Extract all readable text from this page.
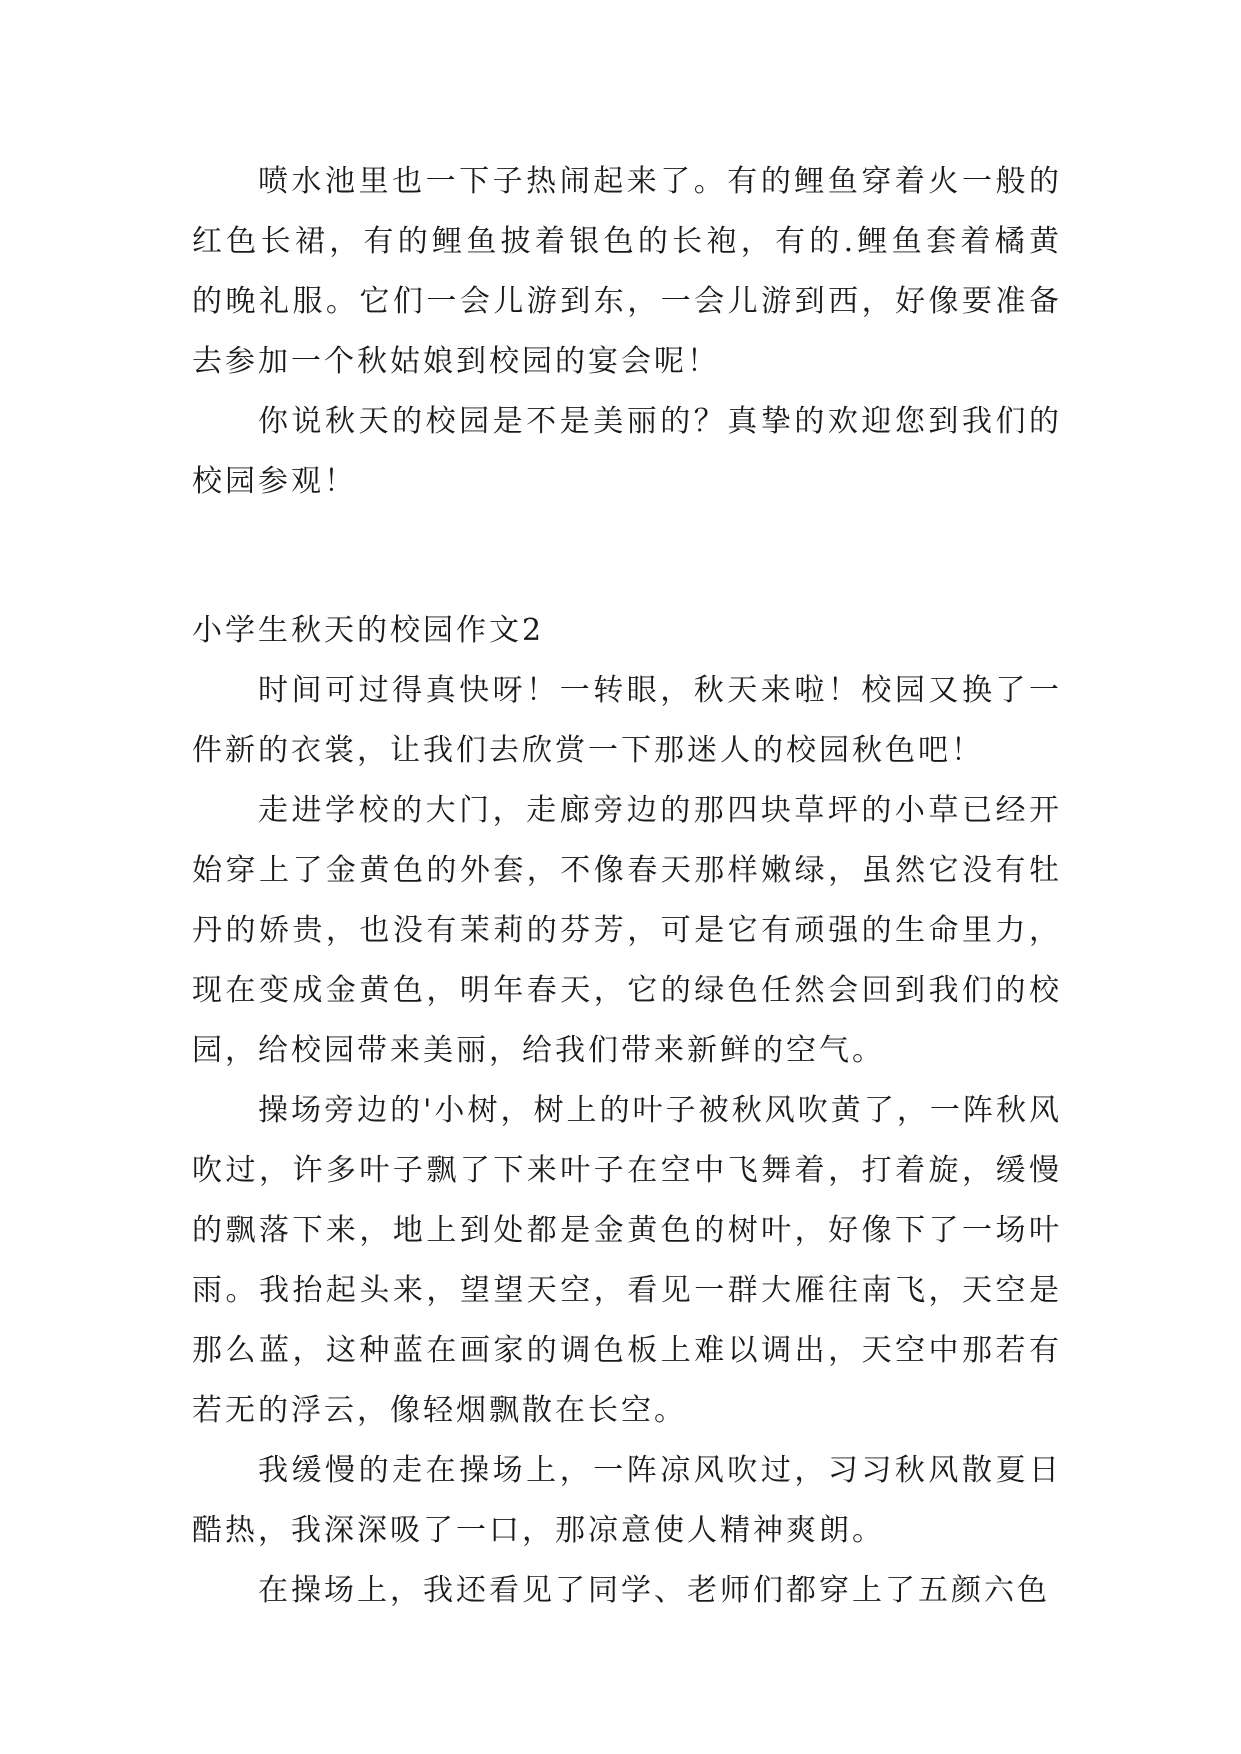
喷水池里也一下子热闹起来了。有的鲤鱼穿着火一般的红色长裙，有的鲤鱼披着银色的长袍，有的.鲤鱼套着橘黄的晚礼服。它们一会儿游到东，一会儿游到西，好像要准备去参加一个秋姑娘到校园的宴会呢！

你说秋天的校园是不是美丽的？真挚的欢迎您到我们的校园参观！

小学生秋天的校园作文2

时间可过得真快呀！一转眼，秋天来啦！校园又换了一件新的衣裳，让我们去欣赏一下那迷人的校园秋色吧！

走进学校的大门，走廊旁边的那四块草坪的小草已经开始穿上了金黄色的外套，不像春天那样嫩绿，虽然它没有牡丹的娇贵，也没有茉莉的芬芳，可是它有顽强的生命里力，现在变成金黄色，明年春天，它的绿色任然会回到我们的校园，给校园带来美丽，给我们带来新鲜的空气。

操场旁边的'小树，树上的叶子被秋风吹黄了，一阵秋风吹过，许多叶子飘了下来叶子在空中飞舞着，打着旋，缓慢的飘落下来，地上到处都是金黄色的树叶，好像下了一场叶雨。我抬起头来，望望天空，看见一群大雁往南飞，天空是那么蓝，这种蓝在画家的调色板上难以调出，天空中那若有若无的浮云，像轻烟飘散在长空。

我缓慢的走在操场上，一阵凉风吹过，习习秋风散夏日酷热，我深深吸了一口，那凉意使人精神爽朗。

在操场上，我还看见了同学、老师们都穿上了五颜六色
